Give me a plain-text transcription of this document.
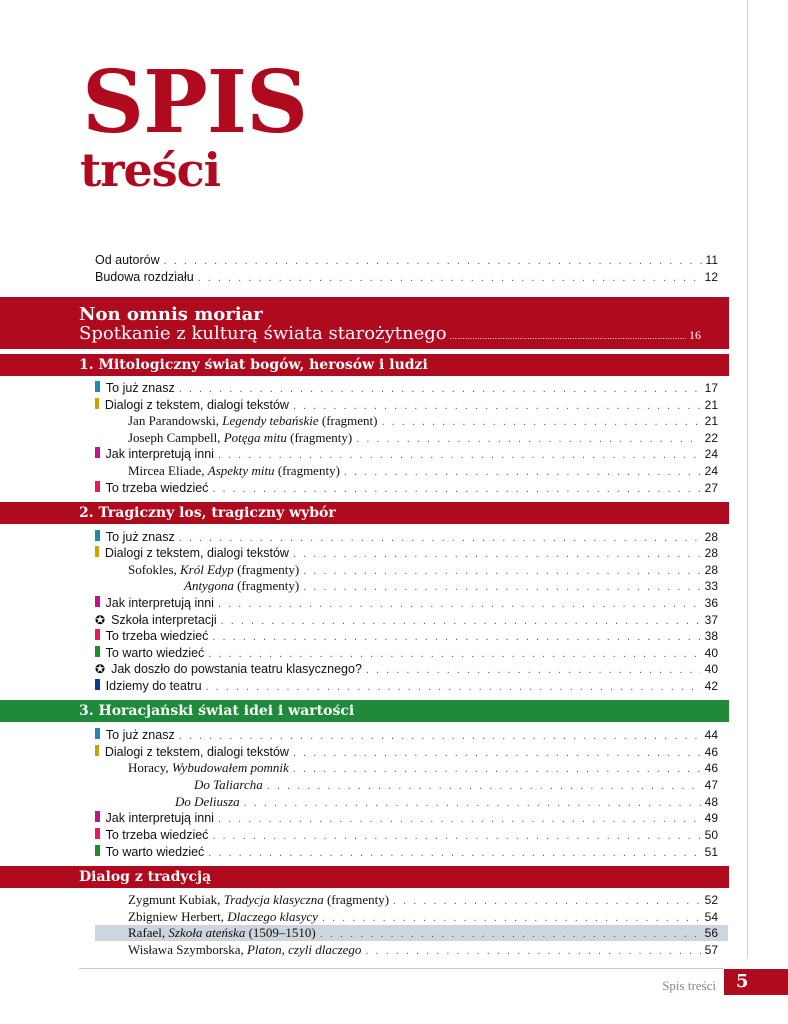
SPIS
treści
Od autorów . . .	11
Budowa rozdziału . . .	12
Non omnis moriar
Spotkanie z kulturą świata starożytnego .....	16
1. Mitologiczny świat bogów, herosów i ludzi
To już znasz . . .	17
Dialogi z tekstem, dialogi tekstów . . .	21
Jan Parandowski, Legendy tebańskie (fragment) . . .	21
Joseph Campbell, Potęga mitu (fragmenty) . . .	22
Jak interpretują inni . . .	24
Mircea Eliade, Aspekty mitu (fragmenty) . . .	24
To trzeba wiedzieć . . .	27
2. Tragiczny los, tragiczny wybór
To już znasz . . .	28
Dialogi z tekstem, dialogi tekstów . . .	28
Sofokles, Król Edyp (fragmenty) . . .	28
Antygona (fragmenty) . . .	33
Jak interpretują inni . . .	36
✪ Szkoła interpretacji . . .	37
To trzeba wiedzieć . . .	38
To warto wiedzieć . . .	40
✪ Jak doszło do powstania teatru klasycznego? . . .	40
Idziemy do teatru . . .	42
3. Horacjański świat idei i wartości
To już znasz . . .	44
Dialogi z tekstem, dialogi tekstów . . .	46
Horacy, Wybudowałem pomnik . . .	46
Do Taliarcha . . .	47
Do Deliusza . . .	48
Jak interpretują inni . . .	49
To trzeba wiedzieć . . .	50
To warto wiedzieć . . .	51
Dialog z tradycją
Zygmunt Kubiak, Tradycja klasyczna (fragmenty) . . .	52
Zbigniew Herbert, Dlaczego klasycy . . .	54
Rafael, Szkoła ateńska (1509–1510) . . .	56
Wisława Szymborska, Platon, czyli dlaczego . . .	57
Spis treści	5
